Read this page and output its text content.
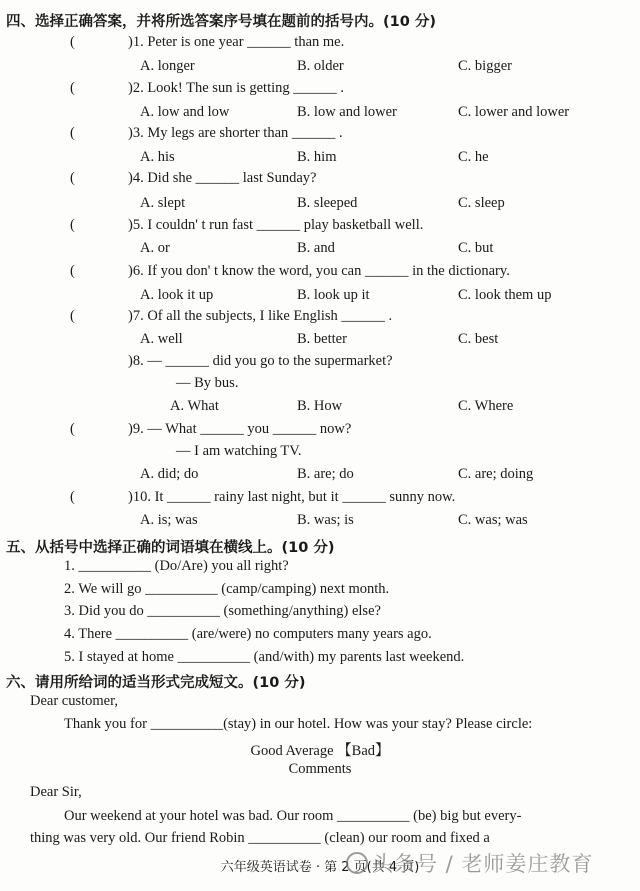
四、选择正确答案，并将所选答案序号填在题前的括号内。(10 分)
(	)1. Peter is one year ______ than me.
A. longer	B. older	C. bigger
(	)2. Look! The sun is getting ______ .
A. low and low	B. low and lower	C. lower and lower
(	)3. My legs are shorter than ______ .
A. his	B. him	C. he
(	)4. Did she ______ last Sunday?
A. slept	B. sleeped	C. sleep
(	)5. I couldn' t run fast ______ play basketball well.
A. or	B. and	C. but
(	)6. If you don' t know the word, you can ______ in the dictionary.
A. look it up	B. look up it	C. look them up
(	)7. Of all the subjects, I like English ______ .
A. well	B. better	C. best
)8. — ______ did you go to the supermarket?
— By bus.
A. What	B. How	C. Where
(	)9. — What ______ you ______ now?
— I am watching TV.
A. did; do	B. are; do	C. are; doing
(	)10. It ______ rainy last night, but it ______ sunny now.
A. is; was	B. was; is	C. was; was
五、从括号中选择正确的词语填在横线上。(10 分)
1. __________ (Do/Are) you all right?
2. We will go __________ (camp/camping) next month.
3. Did you do __________ (something/anything) else?
4. There __________ (are/were) no computers many years ago.
5. I stayed at home __________ (and/with) my parents last weekend.
六、请用所给词的适当形式完成短文。(10 分)
Dear customer,
Thank you for __________(stay) in our hotel. How was your stay? Please circle:
Good Average 【Bad】
Comments
Dear Sir,
Our weekend at your hotel was bad. Our room __________ (be) big but every-
thing was very old. Our friend Robin __________ (clean) our room and fixed a
六年级英语试卷 · 第 2 页(共 4 页)
头条号 / 老师姜庄教育
